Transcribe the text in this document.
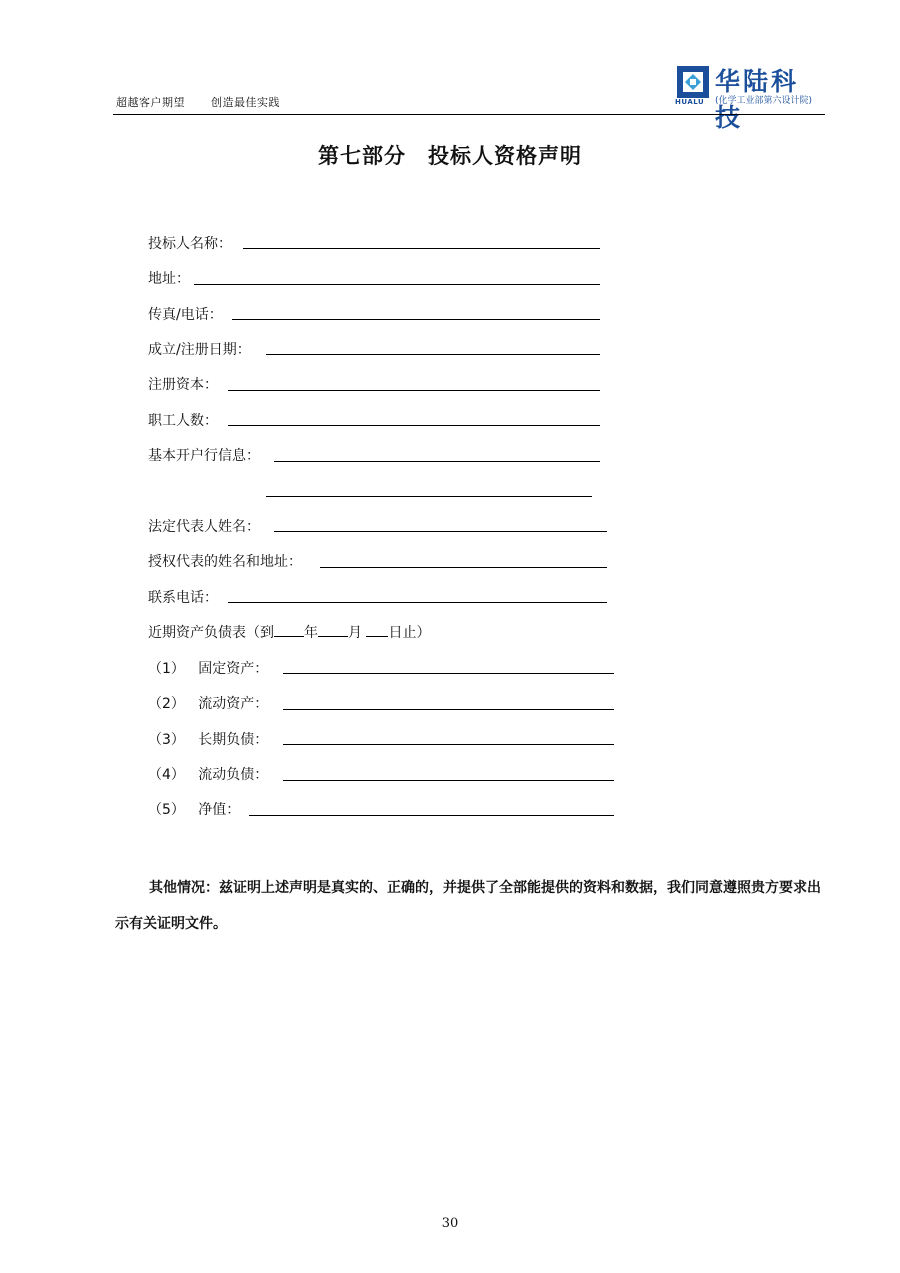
超越客户期望 创造最佳实践
华陆科技
(化学工业部第六设计院)
HUALU
第七部分　投标人资格声明
投标人名称：
地址：
传真/电话：
成立/注册日期：
注册资本：
职工人数：
基本开户行信息：
法定代表人姓名：
授权代表的姓名和地址：
联系电话：
近期资产负债表（到 年 月 日止）
（1） 固定资产：
（2） 流动资产：
（3） 长期负债：
（4） 流动负债：
（5） 净值：
其他情况：兹证明上述声明是真实的、正确的，并提供了全部能提供的资料和数据，我们同意遵照贵方要求出示有关证明文件。
30
